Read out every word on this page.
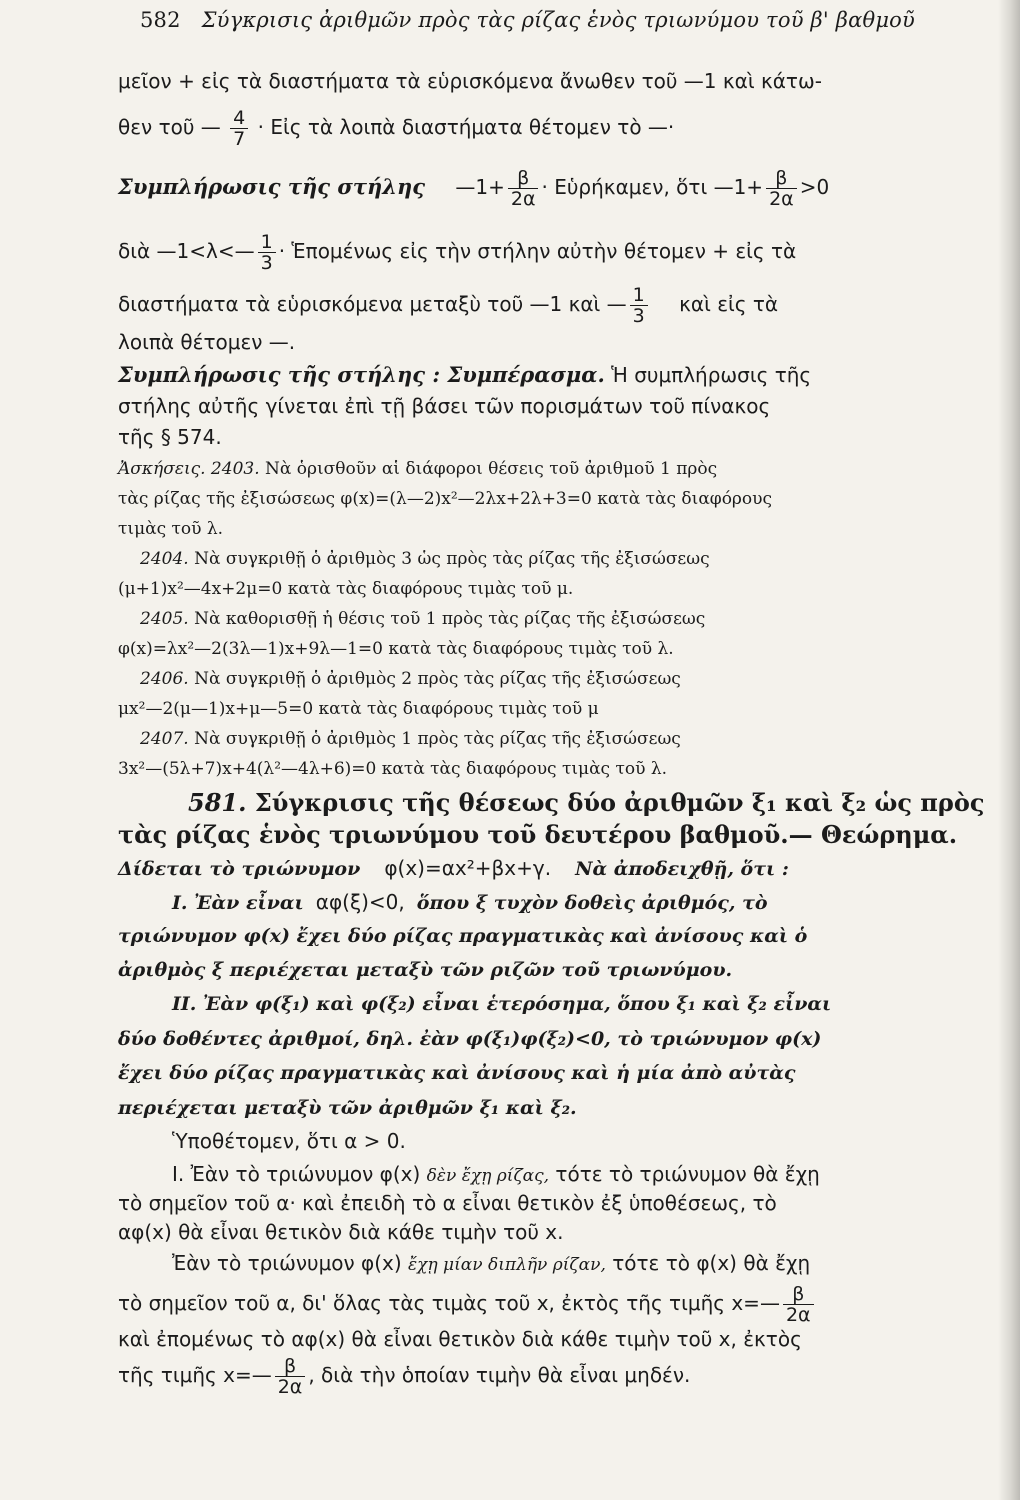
582 Σύγκρισις ἀριθμῶν πρὸς τὰς ρίζας ἑνὸς τριωνύμου τοῦ β' βαθμοῦ
μεῖον + εἰς τὰ διαστήματα τὰ εὑρισκόμενα ἄνωθεν τοῦ —1 καὶ κάτω-
θεν τοῦ — $\frac{4}{7}$ · Εἰς τὰ λοιπὰ διαστήματα θέτομεν τὸ —·
Συμπλήρωσις τῆς στήλης —1+ $\frac{\beta}{2\alpha}$ · Εὑρήκαμεν, ὅτι —1+ $\frac{\beta}{2\alpha} >0$
διὰ —1<λ<— $\frac{1}{3}$ · Ἑπομένως εἰς τὴν στήλην αὐτὴν θέτομεν + εἰς τὰ
διαστήματα τὰ εὑρισκόμενα μεταξὺ τοῦ —1 καὶ — $\frac{1}{3}$ καὶ εἰς τὰ
λοιπὰ θέτομεν —.
Συμπλήρωσις τῆς στήλης : Συμπέρασμα. Ἡ συμπλήρωσις τῆς
στήλης αὐτῆς γίνεται ἐπὶ τῇ βάσει τῶν πορισμάτων τοῦ πίνακος
τῆς § 574.
Ἀσκήσεις. 2403. Νὰ ὁρισθοῦν αἱ διάφοροι θέσεις τοῦ ἀριθμοῦ 1 πρὸς
τὰς ρίζας τῆς ἐξισώσεως φ(x)=(λ—2)x²—2λx+2λ+3=0 κατὰ τὰς διαφόρους
τιμὰς τοῦ λ.
2404. Νὰ συγκριθῇ ὁ ἀριθμὸς 3 ὡς πρὸς τὰς ρίζας τῆς ἐξισώσεως
(μ+1)x²—4x+2μ=0 κατὰ τὰς διαφόρους τιμὰς τοῦ μ.
2405. Νὰ καθορισθῇ ἡ θέσις τοῦ 1 πρὸς τὰς ρίζας τῆς ἐξισώσεως
φ(x)=λx²—2(3λ—1)x+9λ—1=0 κατὰ τὰς διαφόρους τιμὰς τοῦ λ.
2406. Νὰ συγκριθῇ ὁ ἀριθμὸς 2 πρὸς τὰς ρίζας τῆς ἐξισώσεως
μx²—2(μ—1)x+μ—5=0 κατὰ τὰς διαφόρους τιμὰς τοῦ μ
2407. Νὰ συγκριθῇ ὁ ἀριθμὸς 1 πρὸς τὰς ρίζας τῆς ἐξισώσεως
3x²—(5λ+7)x+4(λ²—4λ+6)=0 κατὰ τὰς διαφόρους τιμὰς τοῦ λ.
581. Σύγκρισις τῆς θέσεως δύο ἀριθμῶν ξ₁ καὶ ξ₂ ὡς πρὸς
τὰς ρίζας ἑνὸς τριωνύμου τοῦ δευτέρου βαθμοῦ.— Θεώρημα.
Δίδεται τὸ τριώνυμον φ(x)=αx²+βx+γ. Νὰ ἀποδειχθῇ, ὅτι :
I. Ἐὰν εἶναι αφ(ξ)<0, ὅπου ξ τυχὸν δοθεὶς ἀριθμός, τὸ
τριώνυμον φ(x) ἔχει δύο ρίζας πραγματικὰς καὶ ἀνίσους καὶ ὁ
ἀριθμὸς ξ περιέχεται μεταξὺ τῶν ριζῶν τοῦ τριωνύμου.
II. Ἐὰν φ(ξ₁) καὶ φ(ξ₂) εἶναι ἑτερόσημα, ὅπου ξ₁ καὶ ξ₂ εἶναι
δύο δοθέντες ἀριθμοί, δηλ. ἐὰν φ(ξ₁)φ(ξ₂)<0, τὸ τριώνυμον φ(x)
ἔχει δύο ρίζας πραγματικὰς καὶ ἀνίσους καὶ ἡ μία ἀπὸ αὐτὰς
περιέχεται μεταξὺ τῶν ἀριθμῶν ξ₁ καὶ ξ₂.
Ὑποθέτομεν, ὅτι α > 0.
I. Ἐὰν τὸ τριώνυμον φ(x) δὲν ἔχῃ ρίζας, τότε τὸ τριώνυμον θὰ ἔχῃ
τὸ σημεῖον τοῦ α· καὶ ἐπειδὴ τὸ α εἶναι θετικὸν ἐξ ὑποθέσεως, τὸ
αφ(x) θὰ εἶναι θετικὸν διὰ κάθε τιμὴν τοῦ x.
Ἐὰν τὸ τριώνυμον φ(x) ἔχῃ μίαν διπλῆν ρίζαν, τότε τὸ φ(x) θὰ ἔχῃ
τὸ σημεῖον τοῦ α, δι' ὅλας τὰς τιμὰς τοῦ x, ἐκτὸς τῆς τιμῆς x=— $\frac{\beta}{2\alpha}$
καὶ ἐπομένως τὸ αφ(x) θὰ εἶναι θετικὸν διὰ κάθε τιμὴν τοῦ x, ἐκτὸς
τῆς τιμῆς x=— $\frac{\beta}{2\alpha}$ , διὰ τὴν ὁποίαν τιμὴν θὰ εἶναι μηδέν.
